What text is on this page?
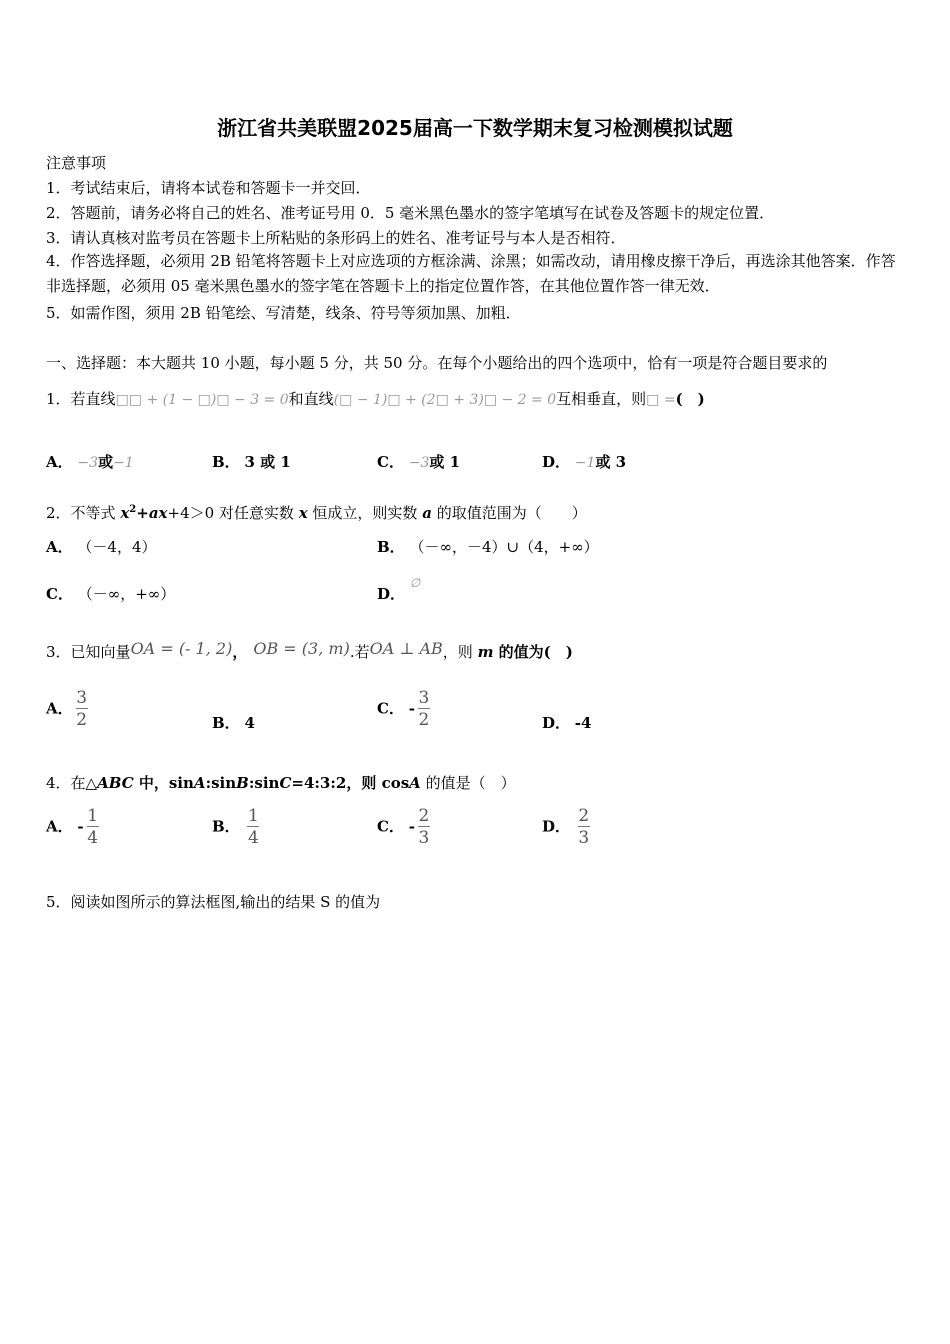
浙江省共美联盟2025届高一下数学期末复习检测模拟试题
注意事项
1．考试结束后，请将本试卷和答题卡一并交回．
2．答题前，请务必将自己的姓名、准考证号用 0．5 毫米黑色墨水的签字笔填写在试卷及答题卡的规定位置．
3．请认真核对监考员在答题卡上所粘贴的条形码上的姓名、准考证号与本人是否相符．
4．作答选择题，必须用 2B 铅笔将答题卡上对应选项的方框涂满、涂黑；如需改动，请用橡皮擦干净后，再选涂其他答案．作答非选择题，必须用 05 毫米黑色墨水的签字笔在答题卡上的指定位置作答，在其他位置作答一律无效．
5．如需作图，须用 2B 铅笔绘、写清楚，线条、符号等须加黑、加粗．
一、选择题：本大题共 10 小题，每小题 5 分，共 50 分。在每个小题给出的四个选项中，恰有一项是符合题目要求的
1．若直线□□ + (1 − □)□ − 3 = 0和直线(□ − 1)□ + (2□ + 3)□ − 2 = 0互相垂直，则□ =(　)
A． −3或−1	B． 3 或 1	C． −3或 1	D． −1或 3
2．不等式 $x^2+ax+4>0$ 对任意实数 x 恒成立，则实数 a 的取值范围为（　　）
A． （－4，4）	B． （－∞，－4）∪（4，+∞）
C． （－∞，+∞）	D． ∅
3．已知向量OA = (- 1, 2)， OB = (3, m).若OA ⊥ AB，则 m 的值为(　)
A． $\frac{3}{2}$	B． 4
C． - $\frac{3}{2}$	D． -4
4．在△ABC 中，sinA:sinB:sinC=4:3:2，则 cosA 的值是（　）
A． - $\frac{1}{4}$	B． $\frac{1}{4}$	C． - $\frac{2}{3}$	D． $\frac{2}{3}$
5．阅读如图所示的算法框图,输出的结果 S 的值为
